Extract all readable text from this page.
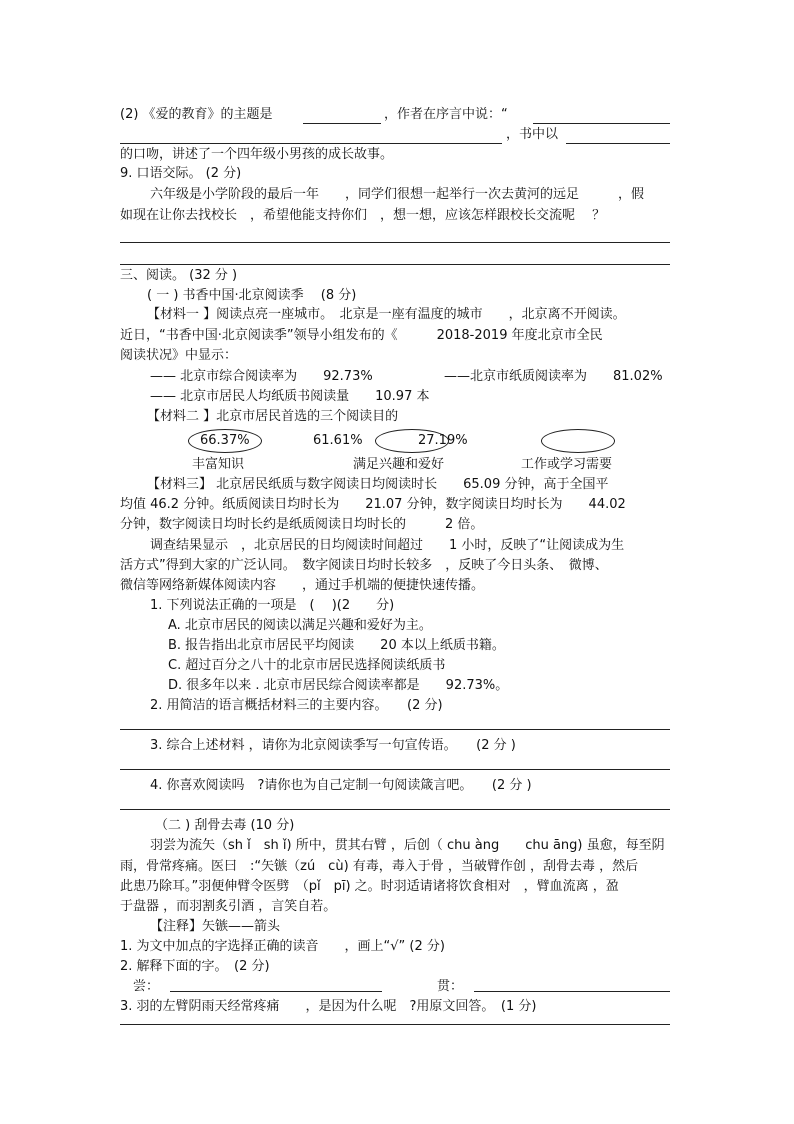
(2) 《爱的教育》的主题是	，作者在序言中说：“
，书中以
的口吻，讲述了一个四年级小男孩的成长故事。
9. 口语交际。 (2 分)
六年级是小学阶段的最后一年　　，同学们很想一起举行一次去黄河的远足　　　，假
如现在让你去找校长　，希望他能支持你们　，想一想，应该怎样跟校长交流呢　 ？
三、阅读。 (32 分 )
( 一 ) 书香中国·北京阅读季　 (8 分)
【材料一 】阅读点亮一座城市。　北京是一座有温度的城市　　，北京离不开阅读。
近日，“书香中国·北京阅读季”领导小组发布的《　　　2018-2019 年度北京市全民
阅读状况》中显示：
—— 北京市综合阅读率为　　92.73%	——北京市纸质阅读率为　　81.02%
—— 北京市居民人均纸质书阅读量　　10.97 本
【材料二 】北京市居民首选的三个阅读目的
66.37%	61.61%	27.19%
丰富知识	满足兴趣和爱好	工作或学习需要
【材料三】 北京居民纸质与数字阅读日均阅读时长　　65.09 分钟，高于全国平
均值 46.2 分钟。纸质阅读日均时长为　　21.07 分钟，数字阅读日均时长为　　44.02
分钟，数字阅读日均时长约是纸质阅读日均时长的　　　2 倍。
调查结果显示　，北京居民的日均阅读时间超过　　1 小时，反映了“让阅读成为生
活方式”得到大家的广泛认同。　数字阅读日均时长较多　，反映了今日头条、　微博、
微信等网络新媒体阅读内容　　，通过手机端的便捷快速传播。
1. 下列说法正确的一项是　(　 )(2　　分)
A. 北京市居民的阅读以满足兴趣和爱好为主。
B. 报告指出北京市居民平均阅读　　20 本以上纸质书籍。
C. 超过百分之八十的北京市居民选择阅读纸质书
D. 很多年以来 . 北京市居民综合阅读率都是　　92.73%。
2. 用简洁的语言概括材料三的主要内容。　　(2 分)
3. 综合上述材料 ，请你为北京阅读季写一句宣传语。　　(2 分 )
4. 你喜欢阅读吗　?请你也为自己定制一句阅读箴言吧。　　(2 分 )
（二 ) 刮骨去毒 (10 分)
羽尝为流矢（sh ǐ　sh ǐ) 所中，贯其右臂 ，后创（ chu àng　　chu āng) 虽愈，每至阴
雨，骨常疼痛。医曰　:“矢镞（zú　cù) 有毒，毒入于骨 ，当破臂作创 ，刮骨去毒 ，然后
此患乃除耳。”羽便伸臂令医劈　（pǐ　pī) 之。时羽适请诸将饮食相对　，臂血流离 ，盈
于盘器 ，而羽割炙引酒 ，言笑自若。
【注释】矢镞——箭头
1. 为文中加点的字选择正确的读音　　，画上“√” (2 分)
2. 解释下面的字。　(2 分)
尝：	贯：
3. 羽的左臂阴雨天经常疼痛　　，是因为什么呢　?用原文回答。　(1 分)
